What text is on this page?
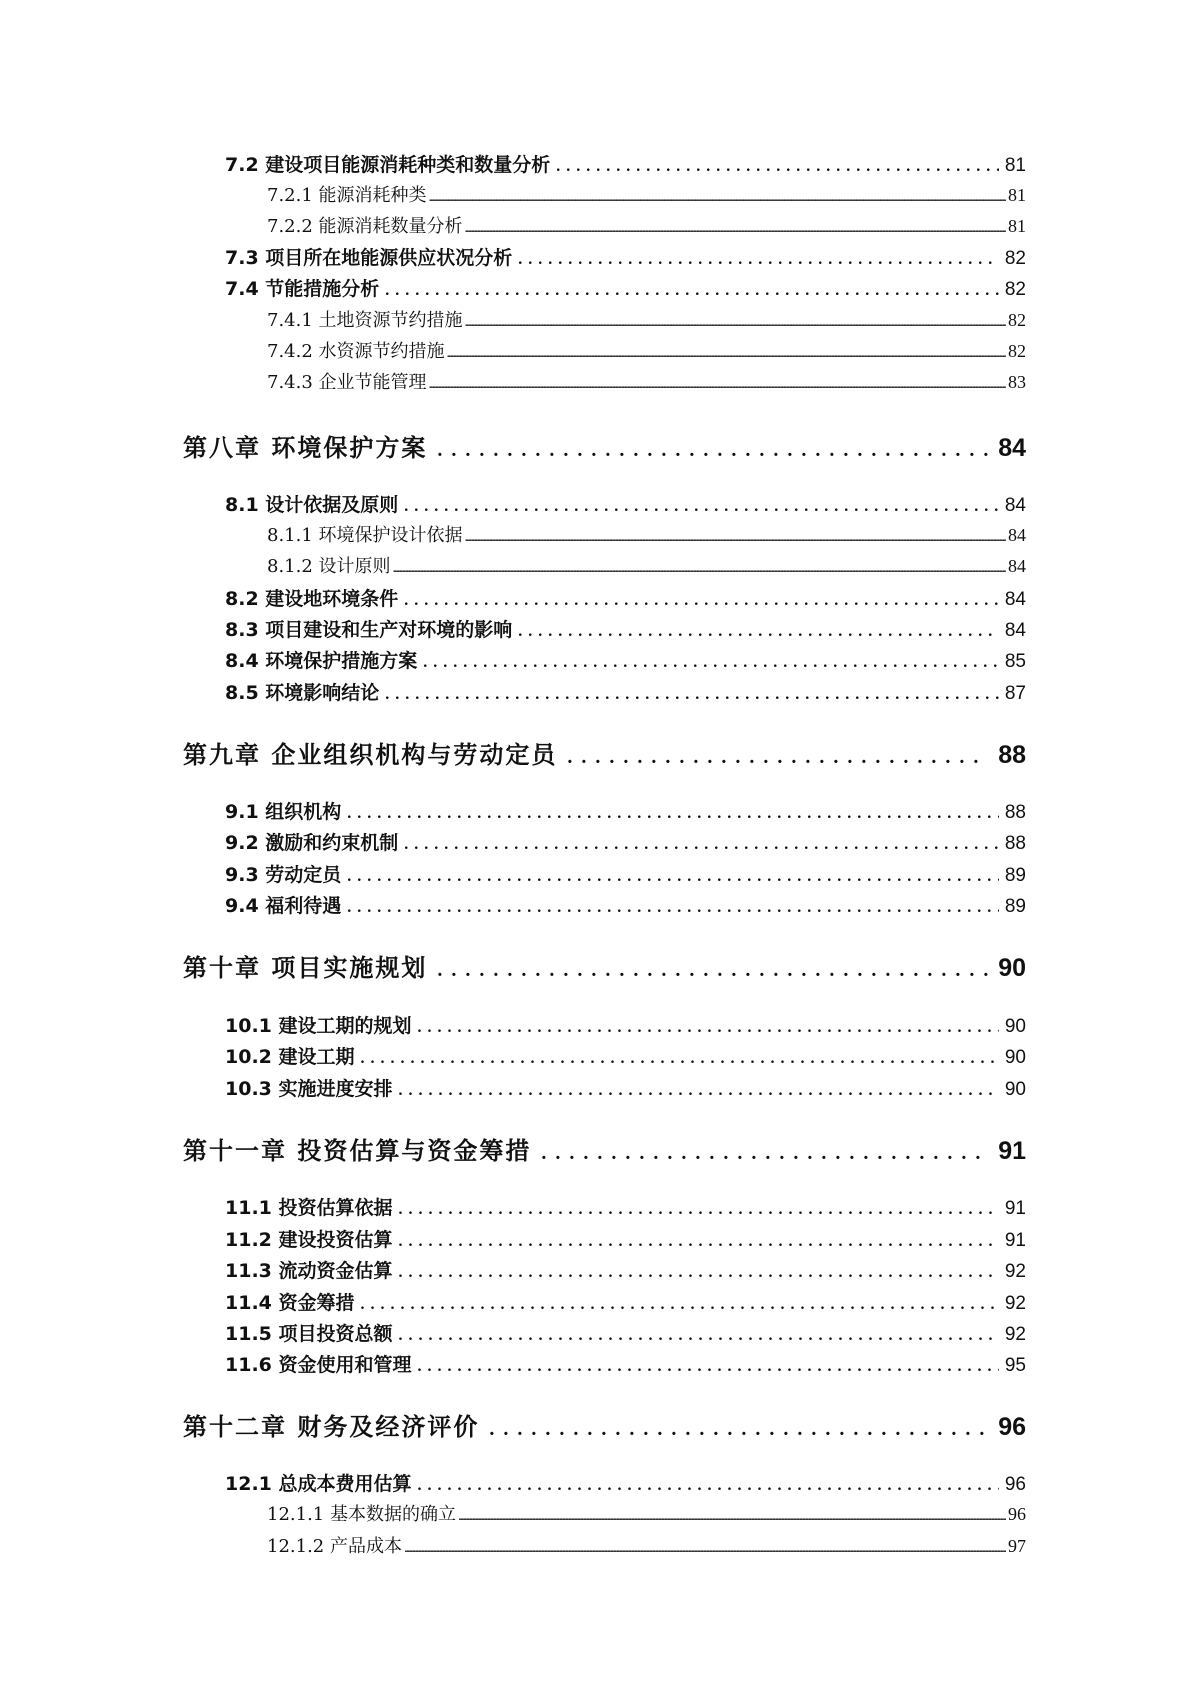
7.2 建设项目能源消耗种类和数量分析 . . .	81
7.2.1 能源消耗种类 .....	81
7.2.2 能源消耗数量分析 .....	81
7.3 项目所在地能源供应状况分析 . . .	82
7.4 节能措施分析 . . .	82
7.4.1 土地资源节约措施 .....	82
7.4.2 水资源节约措施 .....	82
7.4.3 企业节能管理 .....	83
第八章 环境保护方案 . . .	84
8.1 设计依据及原则 . . .	84
8.1.1 环境保护设计依据 .....	84
8.1.2 设计原则 .....	84
8.2 建设地环境条件 . . .	84
8.3 项目建设和生产对环境的影响 . . .	84
8.4 环境保护措施方案 . . .	85
8.5 环境影响结论 . . .	87
第九章 企业组织机构与劳动定员 . . .	88
9.1 组织机构 . . .	88
9.2 激励和约束机制 . . .	88
9.3 劳动定员 . . .	89
9.4 福利待遇 . . .	89
第十章 项目实施规划 . . .	90
10.1 建设工期的规划 . . .	90
10.2 建设工期 . . .	90
10.3 实施进度安排 . . .	90
第十一章 投资估算与资金筹措 . . .	91
11.1 投资估算依据 . . .	91
11.2 建设投资估算 . . .	91
11.3 流动资金估算 . . .	92
11.4 资金筹措 . . .	92
11.5 项目投资总额 . . .	92
11.6 资金使用和管理 . . .	95
第十二章 财务及经济评价 . . .	96
12.1 总成本费用估算 . . .	96
12.1.1 基本数据的确立 .....	96
12.1.2 产品成本 .....	97
